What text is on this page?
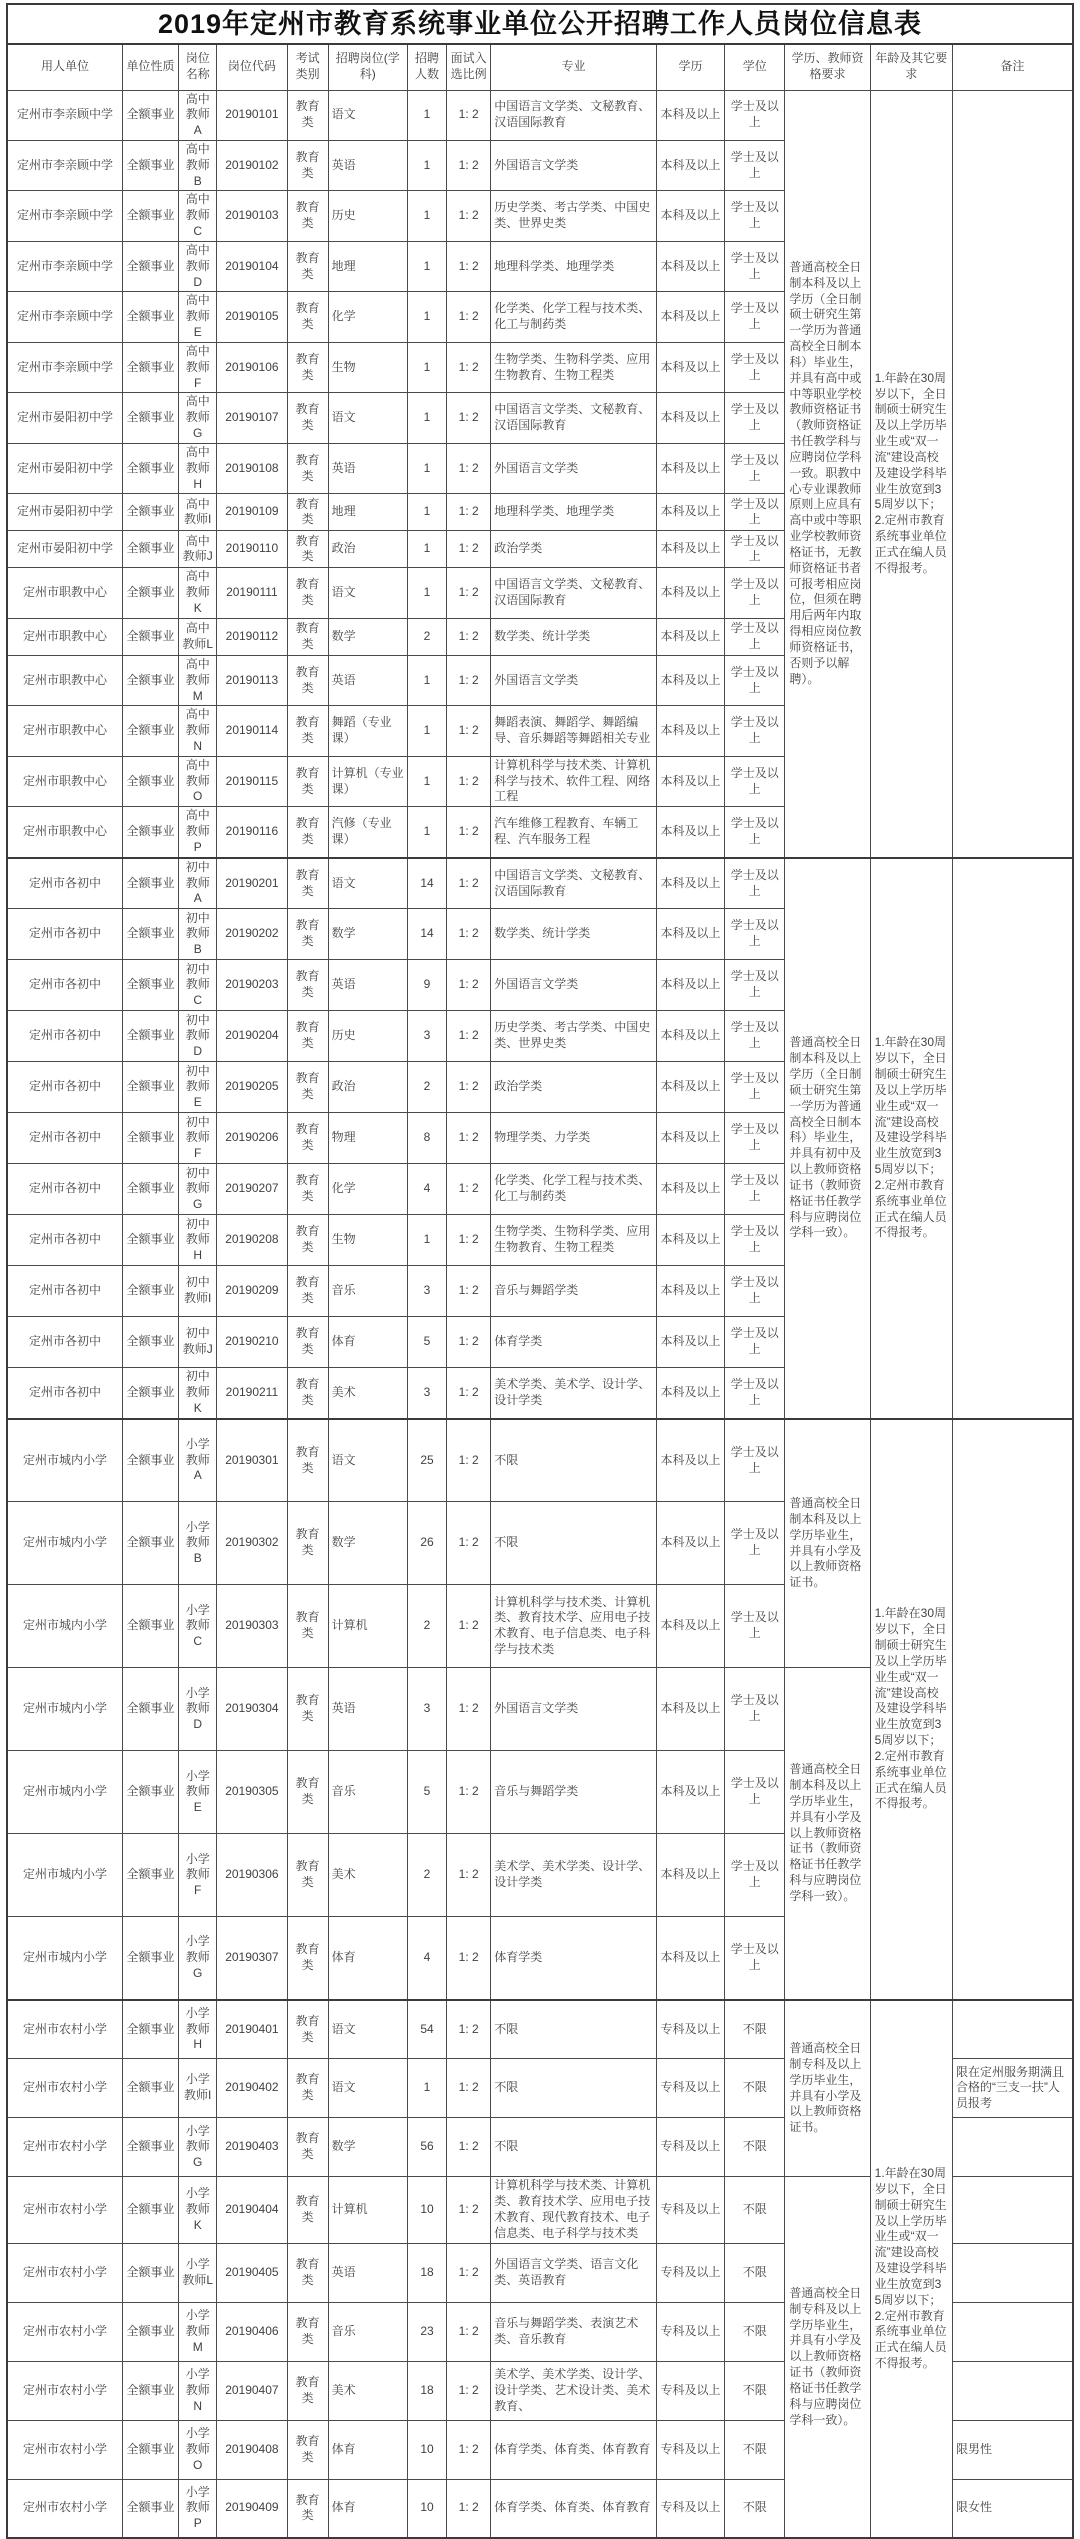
2019年定州市教育系统事业单位公开招聘工作人员岗位信息表
用人单位	单位性质	岗位名称	岗位代码	考试类别	招聘岗位(学科)	招聘人数	面试入选比例	专业	学历	学位	学历、教师资格要求	年龄及其它要求	备注
定州市李亲顾中学	全额事业	高中教师A	20190101	教育类	语文	1	1: 2	中国语言文学类、文秘教育、汉语国际教育	本科及以上	学士及以上	普通高校全日制本科及以上学历（全日制硕士研究生第一学历为普通高校全日制本科）毕业生，并具有高中或中等职业学校教师资格证书（教师资格证书任教学科与应聘岗位学科一致。职教中心专业课教师原则上应具有高中或中等职业学校教师资格证书，无教师资格证书者可报考相应岗位，但须在聘用后两年内取得相应岗位教师资格证书，否则予以解聘）。	1.年龄在30周岁以下，全日制硕士研究生及以上学历毕业生或“双一流”建设高校及建设学科毕业生放宽到35周岁以下；2.定州市教育系统事业单位正式在编人员不得报考。	
定州市李亲顾中学	全额事业	高中教师B	20190102	教育类	英语	1	1: 2	外国语言文学类	本科及以上	学士及以上			
定州市李亲顾中学	全额事业	高中教师C	20190103	教育类	历史	1	1: 2	历史学类、考古学类、中国史类、世界史类	本科及以上	学士及以上			
定州市李亲顾中学	全额事业	高中教师D	20190104	教育类	地理	1	1: 2	地理科学类、地理学类	本科及以上	学士及以上			
定州市李亲顾中学	全额事业	高中教师E	20190105	教育类	化学	1	1: 2	化学类、化学工程与技术类、化工与制药类	本科及以上	学士及以上			
定州市李亲顾中学	全额事业	高中教师F	20190106	教育类	生物	1	1: 2	生物学类、生物科学类、应用生物教育、生物工程类	本科及以上	学士及以上			
定州市晏阳初中学	全额事业	高中教师G	20190107	教育类	语文	1	1: 2	中国语言文学类、文秘教育、汉语国际教育	本科及以上	学士及以上			
定州市晏阳初中学	全额事业	高中教师H	20190108	教育类	英语	1	1: 2	外国语言文学类	本科及以上	学士及以上			
定州市晏阳初中学	全额事业	高中教师I	20190109	教育类	地理	1	1: 2	地理科学类、地理学类	本科及以上	学士及以上			
定州市晏阳初中学	全额事业	高中教师J	20190110	教育类	政治	1	1: 2	政治学类	本科及以上	学士及以上			
定州市职教中心	全额事业	高中教师K	20190111	教育类	语文	1	1: 2	中国语言文学类、文秘教育、汉语国际教育	本科及以上	学士及以上			
定州市职教中心	全额事业	高中教师L	20190112	教育类	数学	2	1: 2	数学类、统计学类	本科及以上	学士及以上			
定州市职教中心	全额事业	高中教师M	20190113	教育类	英语	1	1: 2	外国语言文学类	本科及以上	学士及以上			
定州市职教中心	全额事业	高中教师N	20190114	教育类	舞蹈（专业课）	1	1: 2	舞蹈表演、舞蹈学、舞蹈编导、音乐舞蹈等舞蹈相关专业	本科及以上	学士及以上			
定州市职教中心	全额事业	高中教师O	20190115	教育类	计算机（专业课）	1	1: 2	计算机科学与技术类、计算机科学与技术、软件工程、网络工程	本科及以上	学士及以上			
定州市职教中心	全额事业	高中教师P	20190116	教育类	汽修（专业课）	1	1: 2	汽车维修工程教育、车辆工程、汽车服务工程	本科及以上	学士及以上			
定州市各初中	全额事业	初中教师A	20190201	教育类	语文	14	1: 2	中国语言文学类、文秘教育、汉语国际教育	本科及以上	学士及以上	普通高校全日制本科及以上学历（全日制硕士研究生第一学历为普通高校全日制本科）毕业生，并具有初中及以上教师资格证书（教师资格证书任教学科与应聘岗位学科一致）。	1.年龄在30周岁以下，全日制硕士研究生及以上学历毕业生或“双一流”建设高校及建设学科毕业生放宽到35周岁以下；2.定州市教育系统事业单位正式在编人员不得报考。	
定州市各初中	全额事业	初中教师B	20190202	教育类	数学	14	1: 2	数学类、统计学类	本科及以上	学士及以上			
定州市各初中	全额事业	初中教师C	20190203	教育类	英语	9	1: 2	外国语言文学类	本科及以上	学士及以上			
定州市各初中	全额事业	初中教师D	20190204	教育类	历史	3	1: 2	历史学类、考古学类、中国史类、世界史类	本科及以上	学士及以上			
定州市各初中	全额事业	初中教师E	20190205	教育类	政治	2	1: 2	政治学类	本科及以上	学士及以上			
定州市各初中	全额事业	初中教师F	20190206	教育类	物理	8	1: 2	物理学类、力学类	本科及以上	学士及以上			
定州市各初中	全额事业	初中教师G	20190207	教育类	化学	4	1: 2	化学类、化学工程与技术类、化工与制药类	本科及以上	学士及以上			
定州市各初中	全额事业	初中教师H	20190208	教育类	生物	1	1: 2	生物学类、生物科学类、应用生物教育、生物工程类	本科及以上	学士及以上			
定州市各初中	全额事业	初中教师I	20190209	教育类	音乐	3	1: 2	音乐与舞蹈学类	本科及以上	学士及以上			
定州市各初中	全额事业	初中教师J	20190210	教育类	体育	5	1: 2	体育学类	本科及以上	学士及以上			
定州市各初中	全额事业	初中教师K	20190211	教育类	美术	3	1: 2	美术学类、美术学、设计学、设计学类	本科及以上	学士及以上			
定州市城内小学	全额事业	小学教师A	20190301	教育类	语文	25	1: 2	不限	本科及以上	学士及以上	普通高校全日制本科及以上学历毕业生，并具有小学及以上教师资格证书。	1.年龄在30周岁以下，全日制硕士研究生及以上学历毕业生或“双一流”建设高校及建设学科毕业生放宽到35周岁以下；2.定州市教育系统事业单位正式在编人员不得报考。	
定州市城内小学	全额事业	小学教师B	20190302	教育类	数学	26	1: 2	不限	本科及以上	学士及以上			
定州市城内小学	全额事业	小学教师C	20190303	教育类	计算机	2	1: 2	计算机科学与技术类、计算机类、教育技术学、应用电子技术教育、电子信息类、电子科学与技术类	本科及以上	学士及以上			
定州市城内小学	全额事业	小学教师D	20190304	教育类	英语	3	1: 2	外国语言文学类	本科及以上	学士及以上	普通高校全日制本科及以上学历毕业生，并具有小学及以上教师资格证书（教师资格证书任教学科与应聘岗位学科一致）。		
定州市城内小学	全额事业	小学教师E	20190305	教育类	音乐	5	1: 2	音乐与舞蹈学类	本科及以上	学士及以上			
定州市城内小学	全额事业	小学教师F	20190306	教育类	美术	2	1: 2	美术学、美术学类、设计学、设计学类	本科及以上	学士及以上			
定州市城内小学	全额事业	小学教师G	20190307	教育类	体育	4	1: 2	体育学类	本科及以上	学士及以上			
定州市农村小学	全额事业	小学教师H	20190401	教育类	语文	54	1: 2	不限	专科及以上	不限	普通高校全日制专科及以上学历毕业生，并具有小学及以上教师资格证书。	1.年龄在30周岁以下，全日制硕士研究生及以上学历毕业生或“双一流”建设高校及建设学科毕业生放宽到35周岁以下；2.定州市教育系统事业单位正式在编人员不得报考。	
定州市农村小学	全额事业	小学教师I	20190402	教育类	语文	1	1: 2	不限	专科及以上	不限			限在定州服务期满且合格的“三支一扶”人员报考
定州市农村小学	全额事业	小学教师G	20190403	教育类	数学	56	1: 2	不限	专科及以上	不限			
定州市农村小学	全额事业	小学教师K	20190404	教育类	计算机	10	1: 2	计算机科学与技术类、计算机类、教育技术学、应用电子技术教育、现代教育技术、电子信息类、电子科学与技术类	专科及以上	不限	普通高校全日制专科及以上学历毕业生，并具有小学及以上教师资格证书（教师资格证书任教学科与应聘岗位学科一致）。		
定州市农村小学	全额事业	小学教师L	20190405	教育类	英语	18	1: 2	外国语言文学类、语言文化类、英语教育	专科及以上	不限			
定州市农村小学	全额事业	小学教师M	20190406	教育类	音乐	23	1: 2	音乐与舞蹈学类、表演艺术类、音乐教育	专科及以上	不限			
定州市农村小学	全额事业	小学教师N	20190407	教育类	美术	18	1: 2	美术学、美术学类、设计学、设计学类、艺术设计类、美术教育、	专科及以上	不限			
定州市农村小学	全额事业	小学教师O	20190408	教育类	体育	10	1: 2	体育学类、体育类、体育教育	专科及以上	不限			限男性
定州市农村小学	全额事业	小学教师P	20190409	教育类	体育	10	1: 2	体育学类、体育类、体育教育	专科及以上	不限			限女性
